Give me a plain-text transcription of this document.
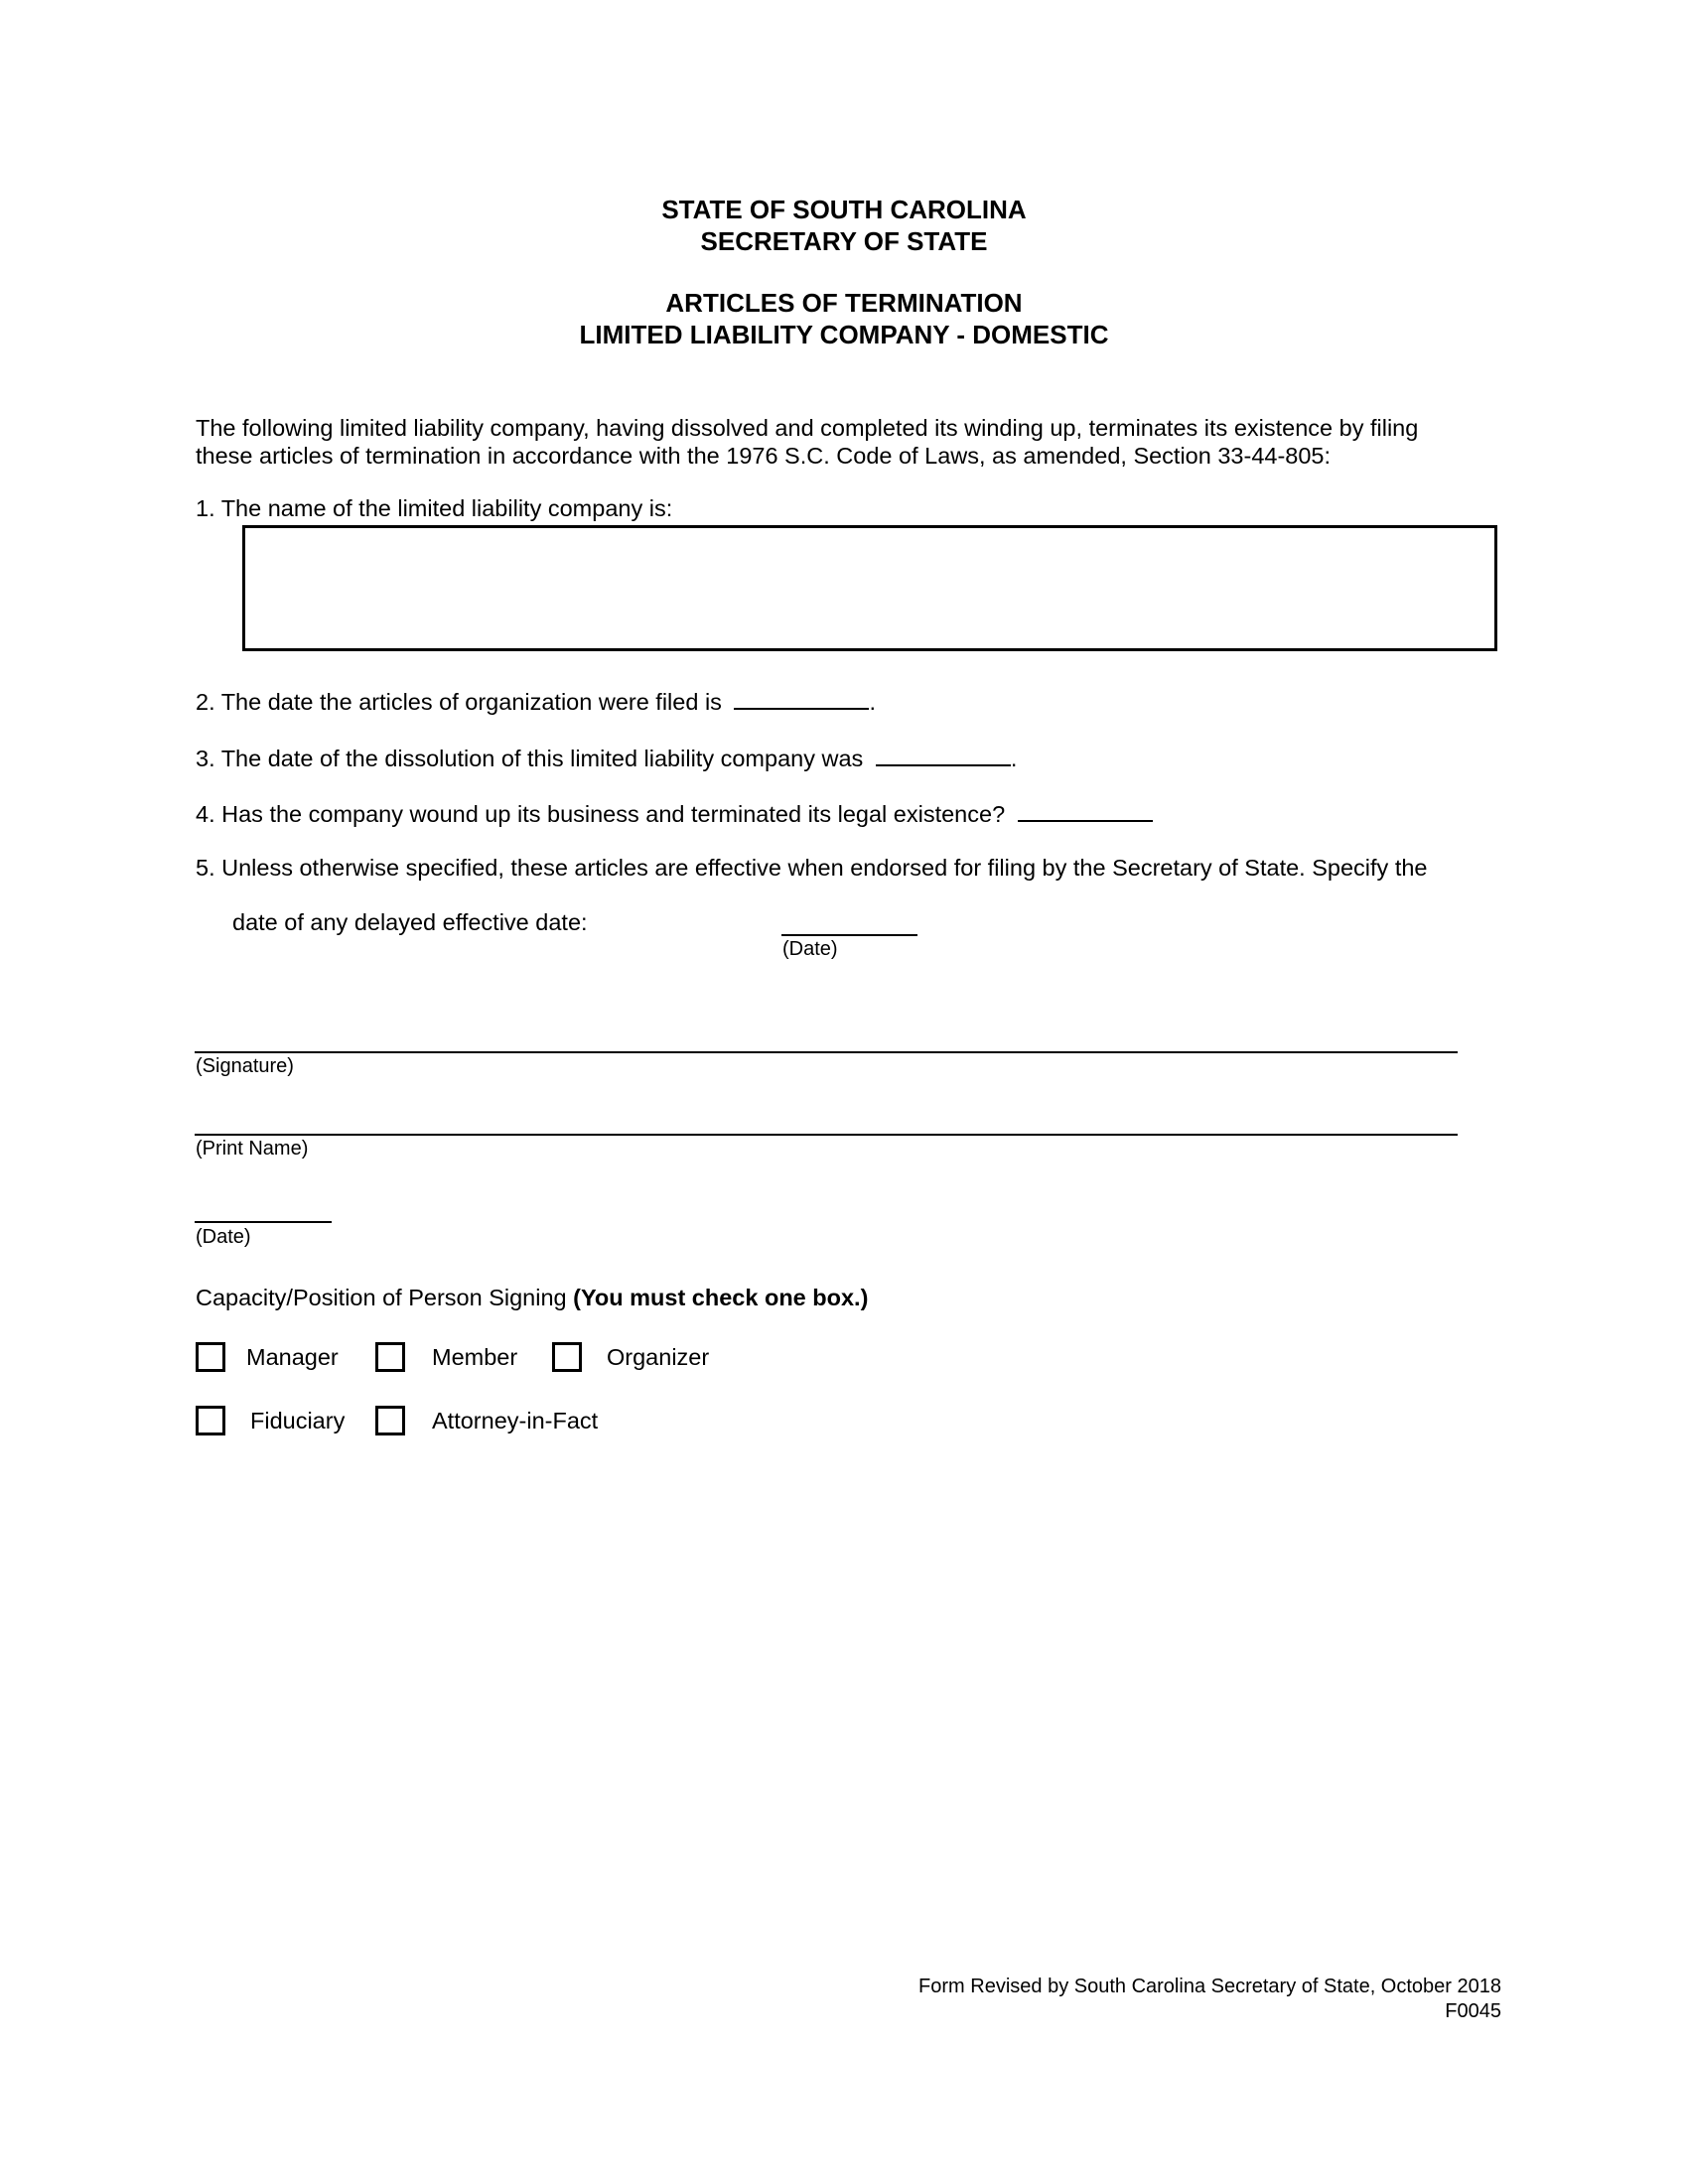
STATE OF SOUTH CAROLINA
SECRETARY OF STATE
ARTICLES OF TERMINATION
LIMITED LIABILITY COMPANY - DOMESTIC
The following limited liability company, having dissolved and completed its winding up, terminates its existence by filing
these articles of termination in accordance with the 1976 S.C. Code of Laws, as amended, Section 33-44-805:
1. The name of the limited liability company is:
2. The date the articles of organization were filed is	.
3. The date of the dissolution of this limited liability company was	.
4. Has the company wound up its business and terminated its legal existence?
5. Unless otherwise specified, these articles are effective when endorsed for filing by the Secretary of State. Specify the
date of any delayed effective date:
(Date)
(Signature)
(Print Name)
(Date)
Capacity/Position of Person Signing (You must check one box.)
Manager	Member	Organizer
Fiduciary	Attorney-in-Fact
Form Revised by South Carolina Secretary of State, October 2018
F0045
